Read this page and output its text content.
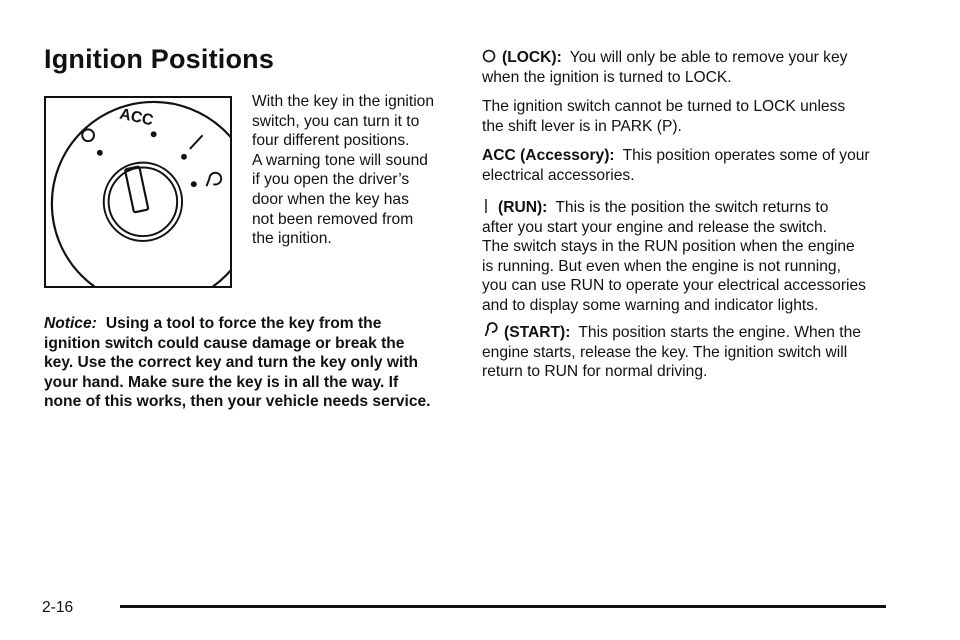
Ignition Positions
ACC
With the key in the ignition
switch, you can turn it to
four different positions.
A warning tone will sound
if you open the driver’s
door when the key has
not been removed from
the ignition.
Notice: Using a tool to force the key from the
ignition switch could cause damage or break the
key. Use the correct key and turn the key only with
your hand. Make sure the key is in all the way. If
none of this works, then your vehicle needs service.
(LOCK): You will only be able to remove your key
when the ignition is turned to LOCK.
The ignition switch cannot be turned to LOCK unless
the shift lever is in PARK (P).
ACC (Accessory): This position operates some of your
electrical accessories.
(RUN): This is the position the switch returns to
after you start your engine and release the switch.
The switch stays in the RUN position when the engine
is running. But even when the engine is not running,
you can use RUN to operate your electrical accessories
and to display some warning and indicator lights.
(START): This position starts the engine. When the
engine starts, release the key. The ignition switch will
return to RUN for normal driving.
2-16
